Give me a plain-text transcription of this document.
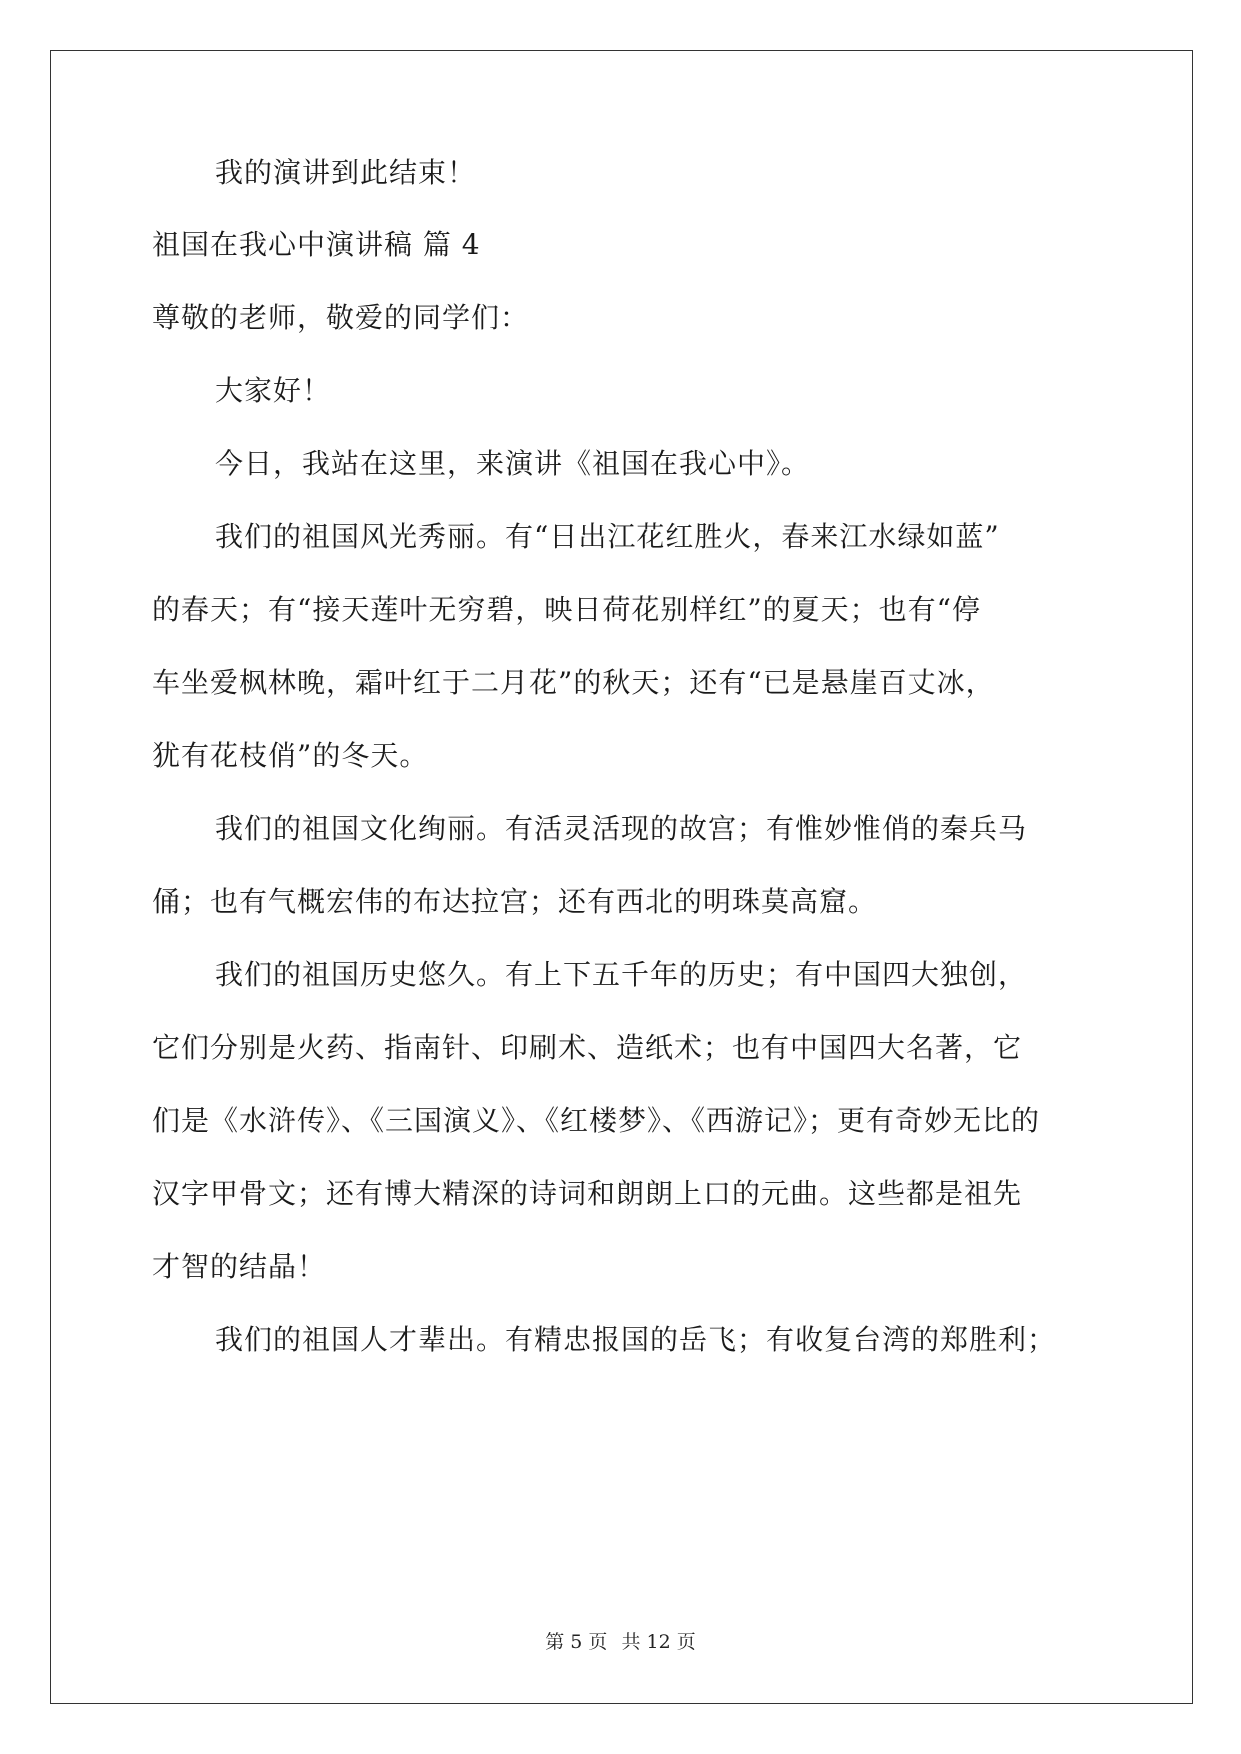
我的演讲到此结束！
祖国在我心中演讲稿 篇 4
尊敬的老师，敬爱的同学们：
大家好！
今日，我站在这里，来演讲《祖国在我心中》。
我们的祖国风光秀丽。有“日出江花红胜火，春来江水绿如蓝”
的春天；有“接天莲叶无穷碧，映日荷花别样红”的夏天；也有“停
车坐爱枫林晚，霜叶红于二月花”的秋天；还有“已是悬崖百丈冰，
犹有花枝俏”的冬天。
我们的祖国文化绚丽。有活灵活现的故宫；有惟妙惟俏的秦兵马
俑；也有气概宏伟的布达拉宫；还有西北的明珠莫高窟。
我们的祖国历史悠久。有上下五千年的历史；有中国四大独创，
它们分别是火药、指南针、印刷术、造纸术；也有中国四大名著，它
们是《水浒传》、《三国演义》、《红楼梦》、《西游记》；更有奇妙无比的
汉字甲骨文；还有博大精深的诗词和朗朗上口的元曲。这些都是祖先
才智的结晶！
我们的祖国人才辈出。有精忠报国的岳飞；有收复台湾的郑胜利；
第 5 页 共 12 页
